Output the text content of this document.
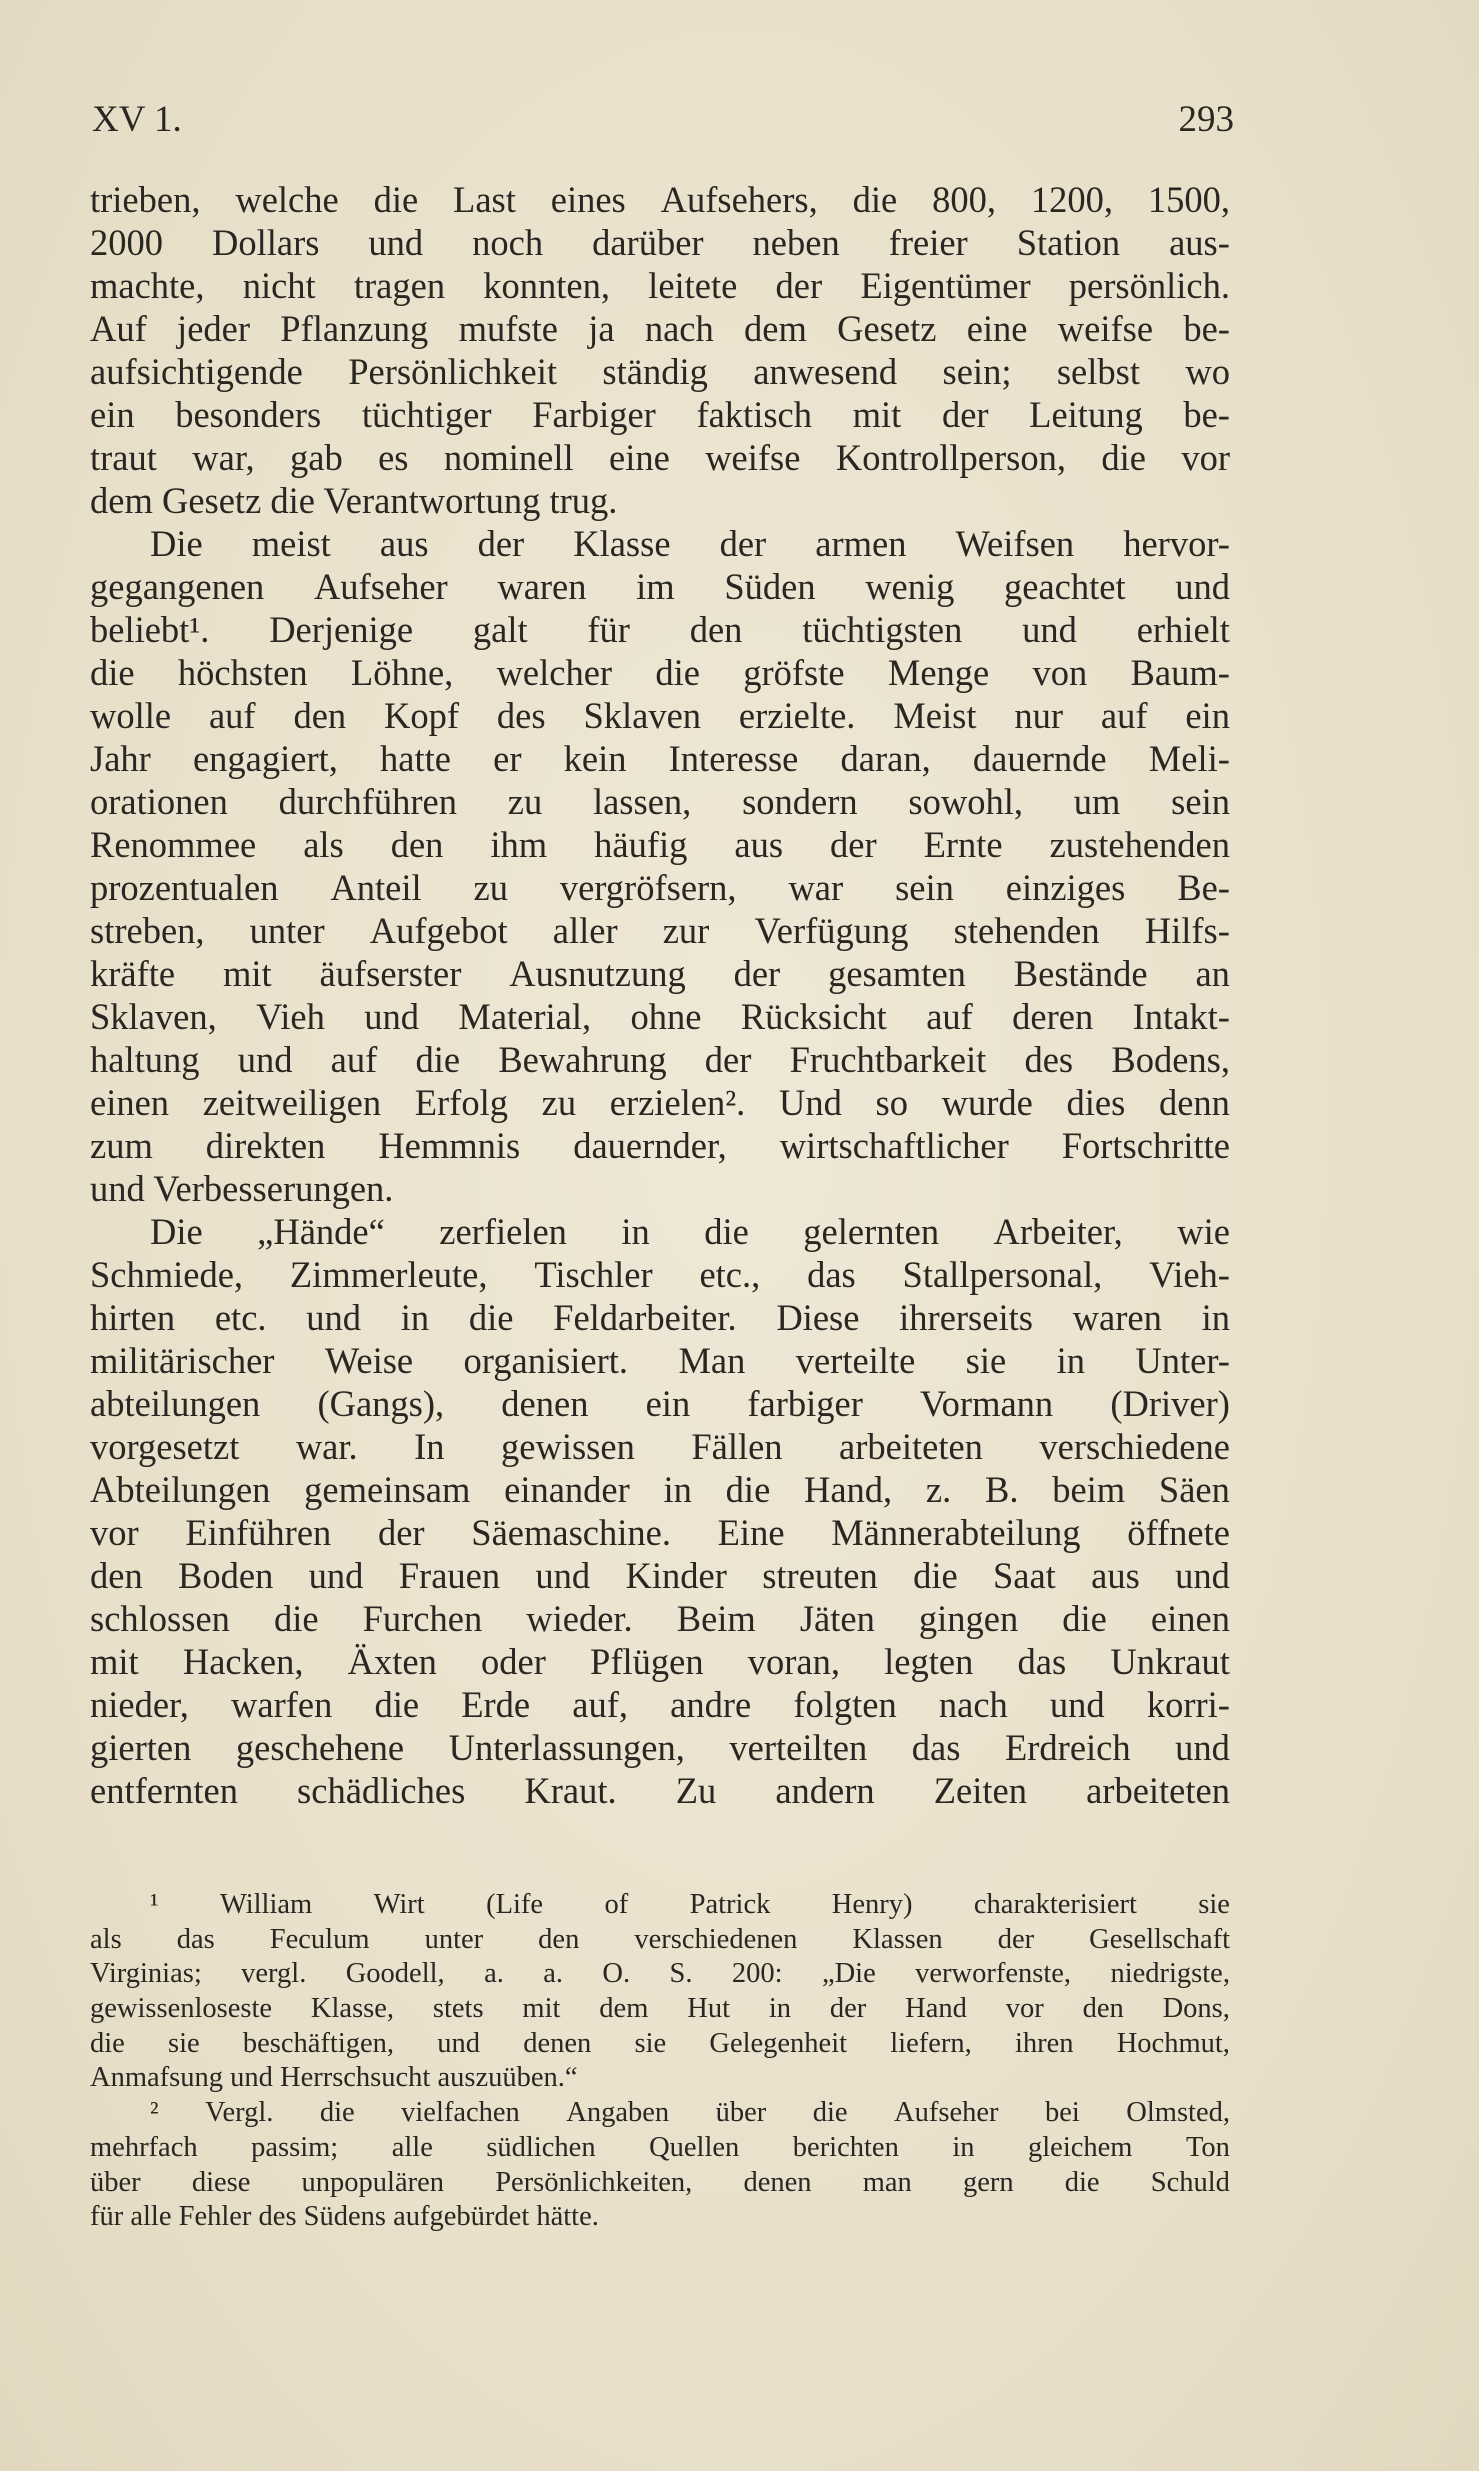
XV 1.	293
trieben, welche die Last eines Aufsehers, die 800, 1200, 1500,
2000 Dollars und noch darüber neben freier Station aus-
machte, nicht tragen konnten, leitete der Eigentümer persönlich.
Auf jeder Pflanzung mufste ja nach dem Gesetz eine weifse be-
aufsichtigende Persönlichkeit ständig anwesend sein; selbst wo
ein besonders tüchtiger Farbiger faktisch mit der Leitung be-
traut war, gab es nominell eine weifse Kontrollperson, die vor
dem Gesetz die Verantwortung trug.
Die meist aus der Klasse der armen Weifsen hervor-
gegangenen Aufseher waren im Süden wenig geachtet und
beliebt¹. Derjenige galt für den tüchtigsten und erhielt
die höchsten Löhne, welcher die gröfste Menge von Baum-
wolle auf den Kopf des Sklaven erzielte. Meist nur auf ein
Jahr engagiert, hatte er kein Interesse daran, dauernde Meli-
orationen durchführen zu lassen, sondern sowohl, um sein
Renommee als den ihm häufig aus der Ernte zustehenden
prozentualen Anteil zu vergröfsern, war sein einziges Be-
streben, unter Aufgebot aller zur Verfügung stehenden Hilfs-
kräfte mit äufserster Ausnutzung der gesamten Bestände an
Sklaven, Vieh und Material, ohne Rücksicht auf deren Intakt-
haltung und auf die Bewahrung der Fruchtbarkeit des Bodens,
einen zeitweiligen Erfolg zu erzielen². Und so wurde dies denn
zum direkten Hemmnis dauernder, wirtschaftlicher Fortschritte
und Verbesserungen.
Die „Hände“ zerfielen in die gelernten Arbeiter, wie
Schmiede, Zimmerleute, Tischler etc., das Stallpersonal, Vieh-
hirten etc. und in die Feldarbeiter. Diese ihrerseits waren in
militärischer Weise organisiert. Man verteilte sie in Unter-
abteilungen (Gangs), denen ein farbiger Vormann (Driver)
vorgesetzt war. In gewissen Fällen arbeiteten verschiedene
Abteilungen gemeinsam einander in die Hand, z. B. beim Säen
vor Einführen der Säemaschine. Eine Männerabteilung öffnete
den Boden und Frauen und Kinder streuten die Saat aus und
schlossen die Furchen wieder. Beim Jäten gingen die einen
mit Hacken, Äxten oder Pflügen voran, legten das Unkraut
nieder, warfen die Erde auf, andre folgten nach und korri-
gierten geschehene Unterlassungen, verteilten das Erdreich und
entfernten schädliches Kraut. Zu andern Zeiten arbeiteten
¹ William Wirt (Life of Patrick Henry) charakterisiert sie
als das Feculum unter den verschiedenen Klassen der Gesellschaft
Virginias; vergl. Goodell, a. a. O. S. 200: „Die verworfenste, niedrigste,
gewissenloseste Klasse, stets mit dem Hut in der Hand vor den Dons,
die sie beschäftigen, und denen sie Gelegenheit liefern, ihren Hochmut,
Anmafsung und Herrschsucht auszuüben.“
² Vergl. die vielfachen Angaben über die Aufseher bei Olmsted,
mehrfach passim; alle südlichen Quellen berichten in gleichem Ton
über diese unpopulären Persönlichkeiten, denen man gern die Schuld
für alle Fehler des Südens aufgebürdet hätte.
